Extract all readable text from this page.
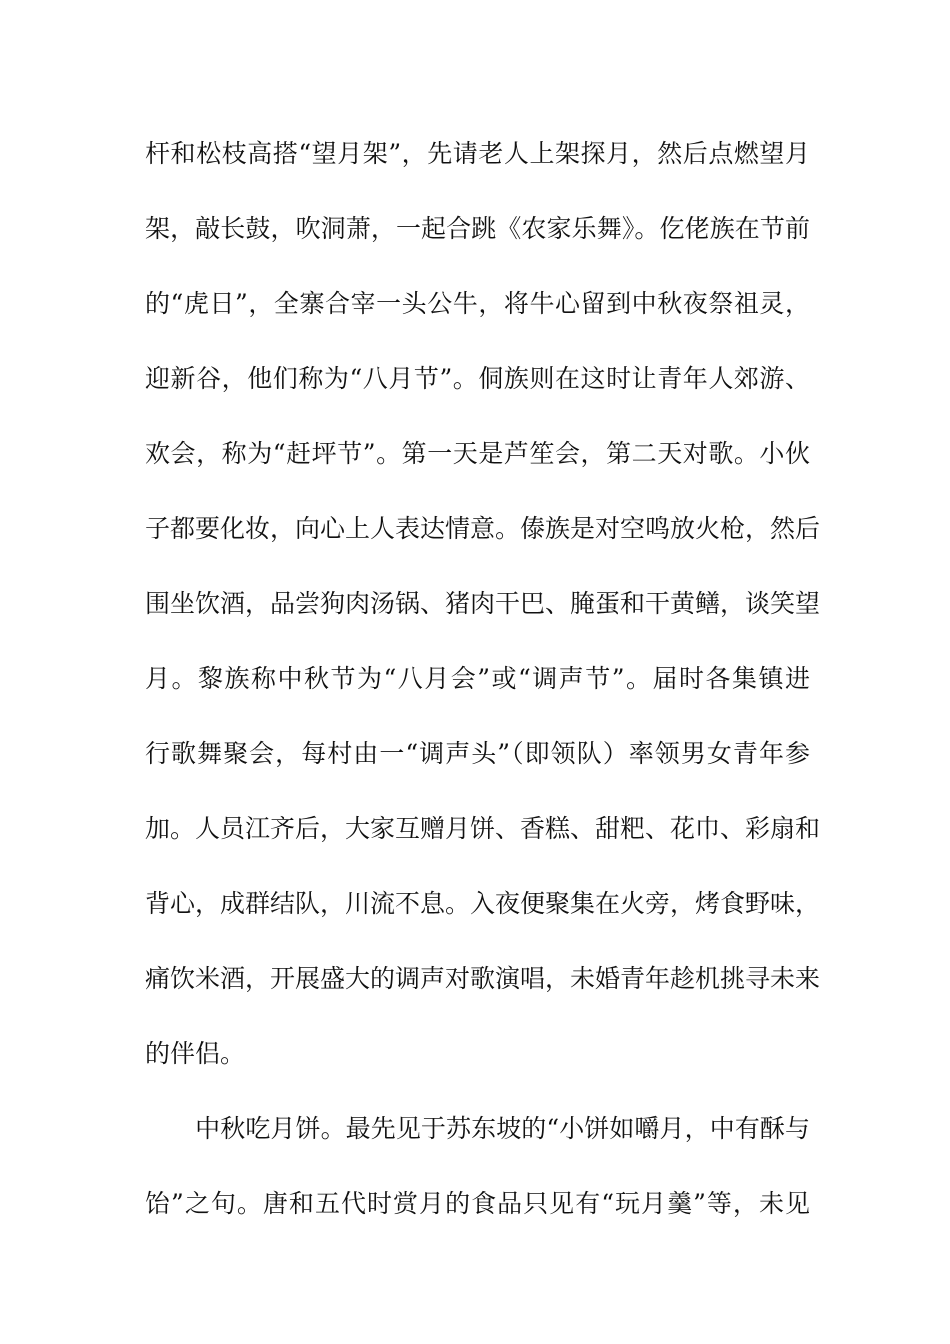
杆和松枝高搭“望月架”，先请老人上架探月，然后点燃望月
架，敲长鼓，吹洞萧，一起合跳《农家乐舞》。仡佬族在节前
的“虎日”，全寨合宰一头公牛，将牛心留到中秋夜祭祖灵，
迎新谷，他们称为“八月节”。侗族则在这时让青年人郊游、
欢会，称为“赶坪节”。第一天是芦笙会，第二天对歌。小伙
子都要化妆，向心上人表达情意。傣族是对空鸣放火枪，然后
围坐饮酒，品尝狗肉汤锅、猪肉干巴、腌蛋和干黄鳝，谈笑望
月。黎族称中秋节为“八月会”或“调声节”。届时各集镇进
行歌舞聚会，每村由一“调声头”（即领队）率领男女青年参
加。人员江齐后，大家互赠月饼、香糕、甜粑、花巾、彩扇和
背心，成群结队，川流不息。入夜便聚集在火旁，烤食野味，
痛饮米酒，开展盛大的调声对歌演唱，未婚青年趁机挑寻未来
的伴侣。
　　中秋吃月饼。最先见于苏东坡的“小饼如嚼月，中有酥与
饴”之句。唐和五代时赏月的食品只见有“玩月羹”等，未见
